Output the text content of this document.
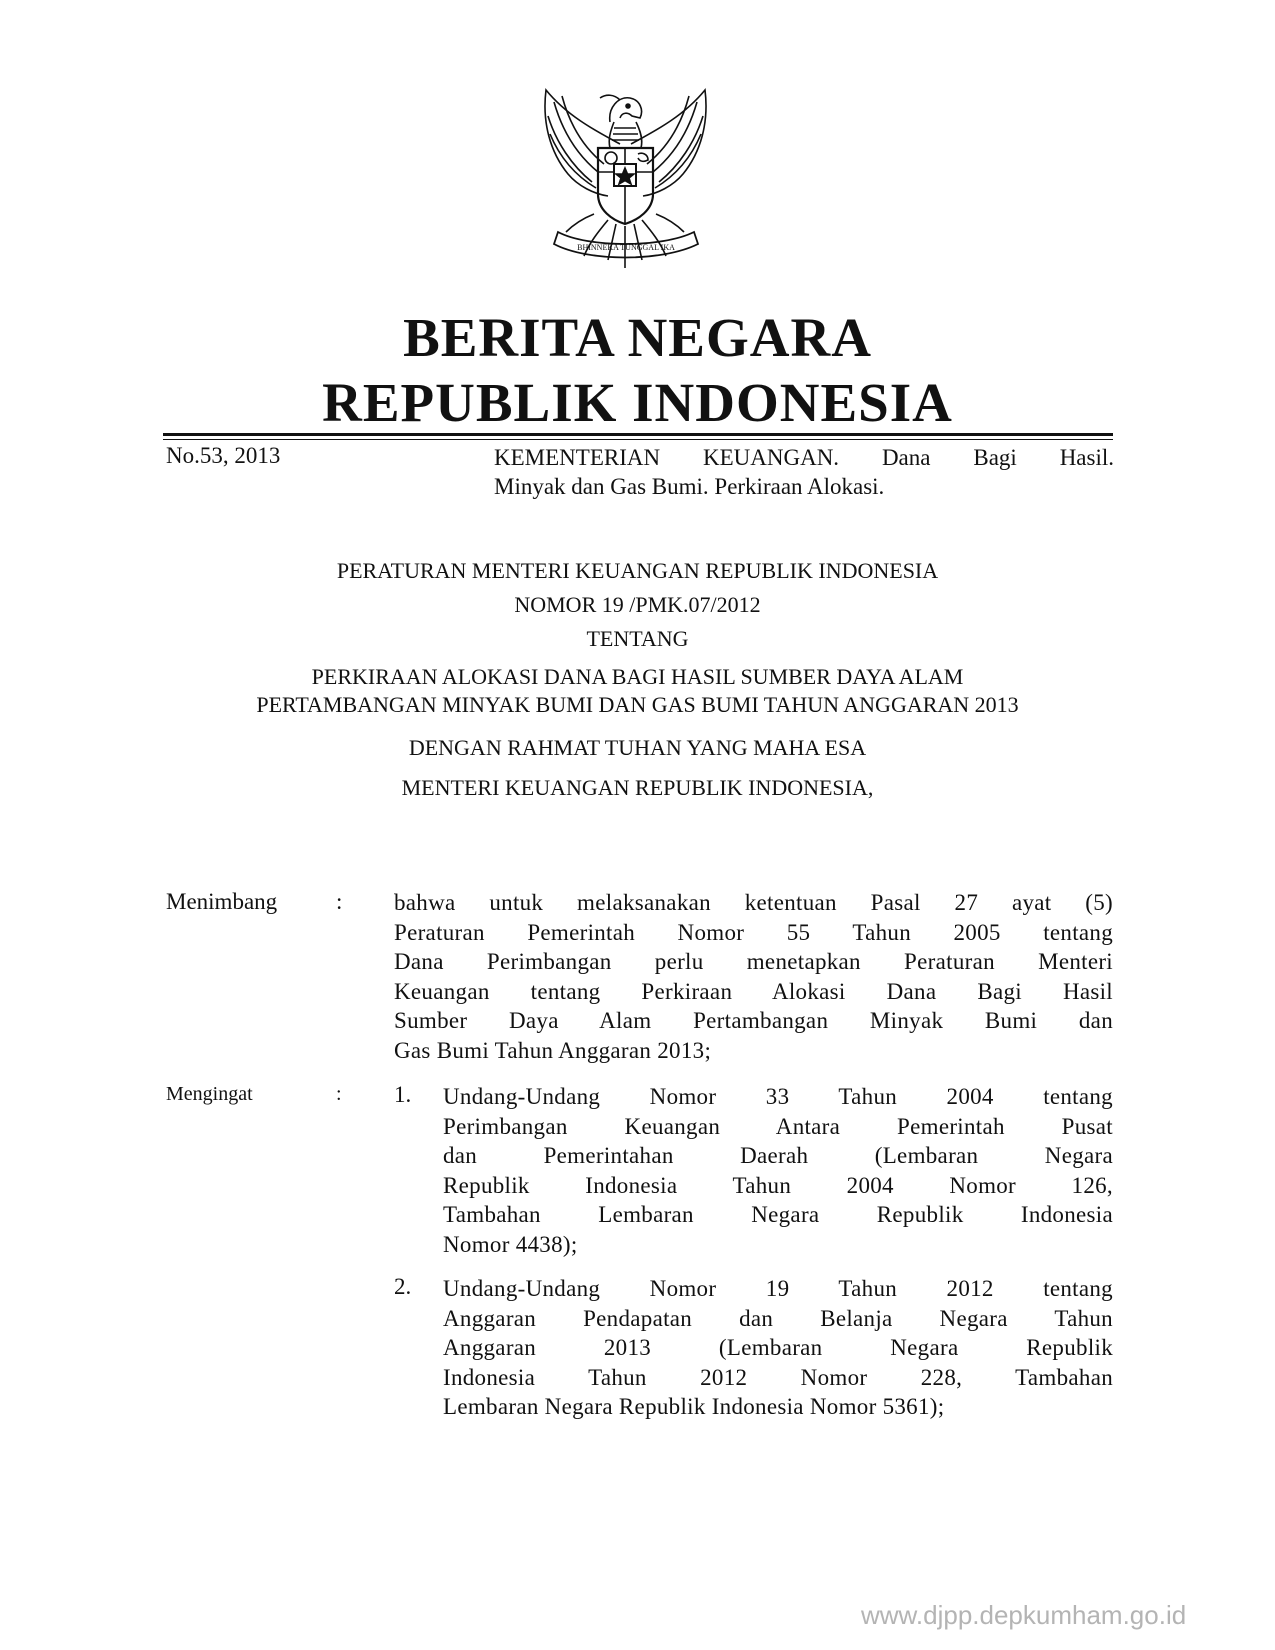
BHINNEKA TUNGGAL IKA
BERITA NEGARA
REPUBLIK INDONESIA
No.53, 2013	KEMENTERIAN KEUANGAN. Dana Bagi Hasil.
Minyak dan Gas Bumi. Perkiraan Alokasi.
PERATURAN MENTERI KEUANGAN REPUBLIK INDONESIA
NOMOR 19 /PMK.07/2012
TENTANG
PERKIRAAN ALOKASI DANA BAGI HASIL SUMBER DAYA ALAM
PERTAMBANGAN MINYAK BUMI DAN GAS BUMI TAHUN ANGGARAN 2013
DENGAN RAHMAT TUHAN YANG MAHA ESA
MENTERI KEUANGAN REPUBLIK INDONESIA,
Menimbang	: bahwa untuk melaksanakan ketentuan Pasal 27 ayat (5)
Peraturan Pemerintah Nomor 55 Tahun 2005 tentang
Dana Perimbangan perlu menetapkan Peraturan Menteri
Keuangan tentang Perkiraan Alokasi Dana Bagi Hasil
Sumber Daya Alam Pertambangan Minyak Bumi dan
Gas Bumi Tahun Anggaran 2013;
Mengingat	: 1. Undang-Undang Nomor 33 Tahun 2004 tentang
Perimbangan Keuangan Antara Pemerintah Pusat
dan Pemerintahan Daerah (Lembaran Negara
Republik Indonesia Tahun 2004 Nomor 126,
Tambahan Lembaran Negara Republik Indonesia
Nomor 4438);
2. Undang-Undang Nomor 19 Tahun 2012 tentang
Anggaran Pendapatan dan Belanja Negara Tahun
Anggaran 2013 (Lembaran Negara Republik
Indonesia Tahun 2012 Nomor 228, Tambahan
Lembaran Negara Republik Indonesia Nomor 5361);
www.djpp.depkumham.go.id
